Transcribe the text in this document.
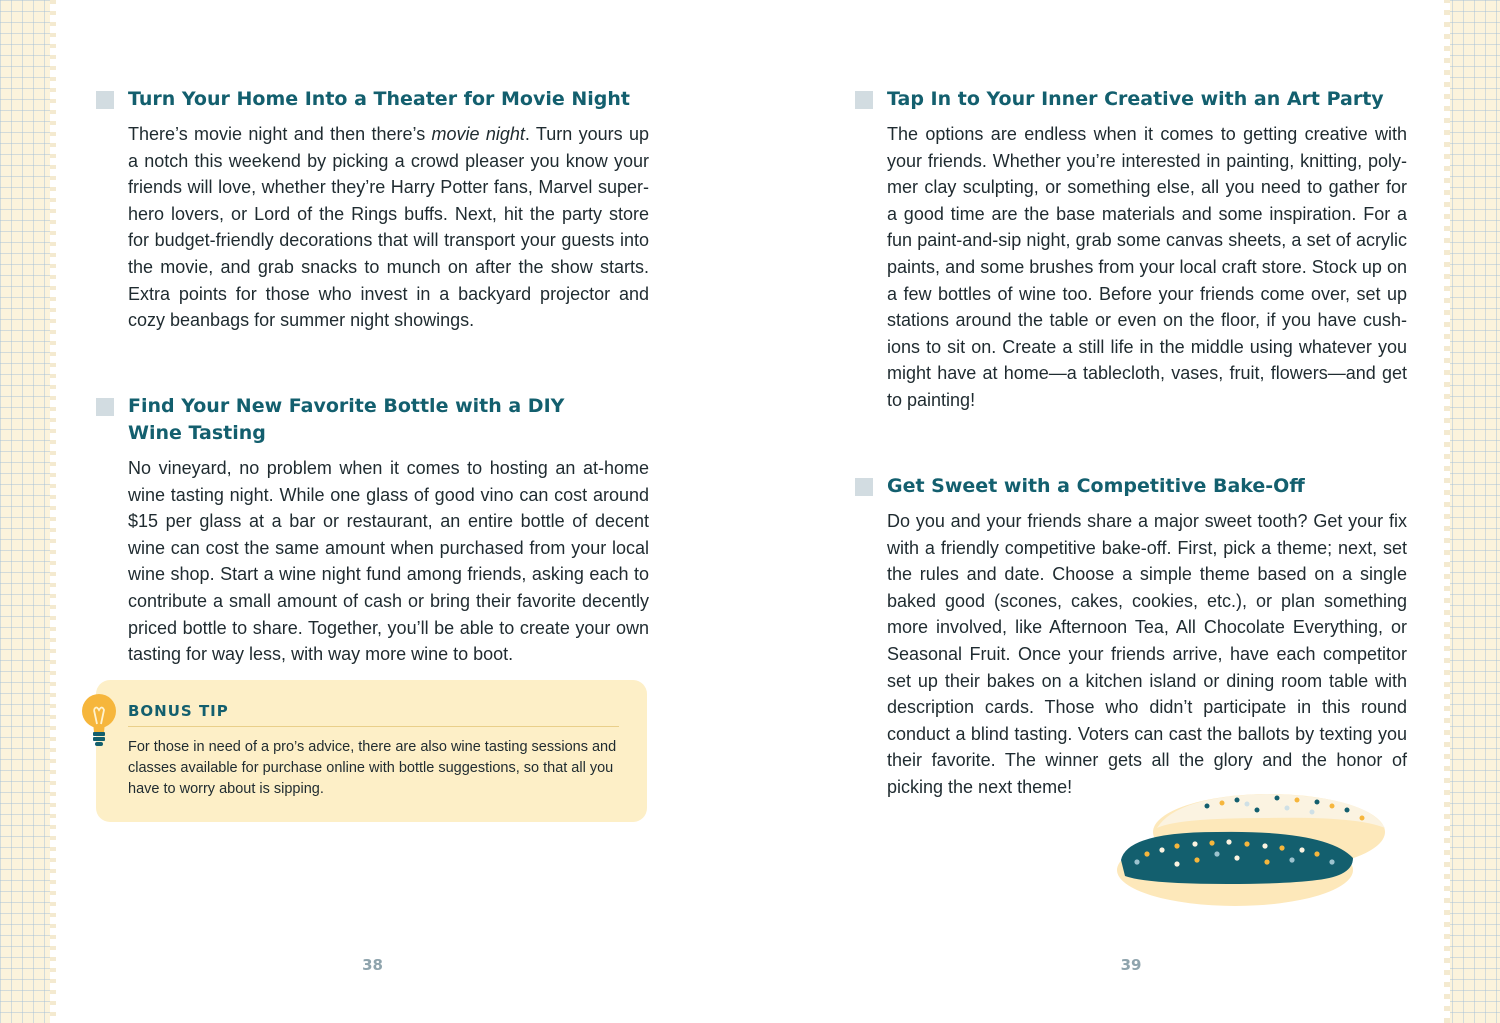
Turn Your Home Into a Theater for Movie Night

There’s movie night and then there’s movie night. Turn yours up a notch this weekend by picking a crowd pleaser you know your friends will love, whether they’re Harry Potter fans, Marvel superhero lovers, or Lord of the Rings buffs. Next, hit the party store for budget-friendly decorations that will transport your guests into the movie, and grab snacks to munch on after the show starts. Extra points for those who invest in a backyard projector and cozy beanbags for summer night showings.

Find Your New Favorite Bottle with a DIY Wine Tasting

No vineyard, no problem when it comes to hosting an at-home wine tasting night. While one glass of good vino can cost around $15 per glass at a bar or restaurant, an entire bottle of decent wine can cost the same amount when purchased from your local wine shop. Start a wine night fund among friends, asking each to contribute a small amount of cash or bring their favorite decently priced bottle to share. Together, you’ll be able to create your own tasting for way less, with way more wine to boot.

BONUS TIP
For those in need of a pro’s advice, there are also wine tasting sessions and classes available for purchase online with bottle suggestions, so that all you have to worry about is sipping.
38
Tap In to Your Inner Creative with an Art Party

The options are endless when it comes to getting creative with your friends. Whether you’re interested in painting, knitting, polymer clay sculpting, or something else, all you need to gather for a good time are the base materials and some inspiration. For a fun paint-and-sip night, grab some canvas sheets, a set of acrylic paints, and some brushes from your local craft store. Stock up on a few bottles of wine too. Before your friends come over, set up stations around the table or even on the floor, if you have cushions to sit on. Create a still life in the middle using whatever you might have at home—a tablecloth, vases, fruit, flowers—and get to painting!

Get Sweet with a Competitive Bake-Off

Do you and your friends share a major sweet tooth? Get your fix with a friendly competitive bake-off. First, pick a theme; next, set the rules and date. Choose a simple theme based on a single baked good (scones, cakes, cookies, etc.), or plan something more involved, like Afternoon Tea, All Chocolate Everything, or Seasonal Fruit. Once your friends arrive, have each competitor set up their bakes on a kitchen island or dining room table with description cards. Those who didn’t participate in this round conduct a blind tasting. Voters can cast the ballots by texting you their favorite. The winner gets all the glory and the honor of picking the next theme!

39
